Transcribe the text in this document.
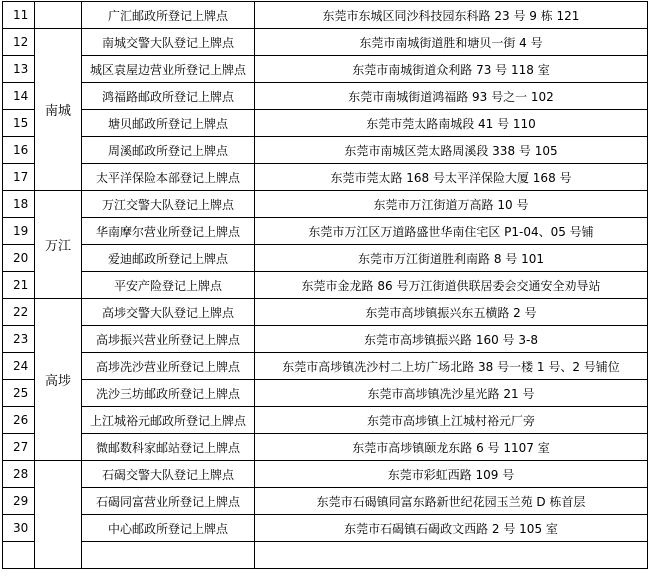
11		广汇邮政所登记上牌点	东莞市东城区同沙科技园东科路 23 号 9 栋 121
12	南城	南城交警大队登记上牌点	东莞市南城街道胜和塘贝一街 4 号
13		城区袁屋边营业所登记上牌点	东莞市南城街道众利路 73 号 118 室
14		鸿福路邮政所登记上牌点	东莞市南城街道鸿福路 93 号之一 102
15		塘贝邮政所登记上牌点	东莞市莞太路南城段 41 号 110
16		周溪邮政所登记上牌点	东莞市南城区莞太路周溪段 338 号 105
17		太平洋保险本部登记上牌点	东莞市莞太路 168 号太平洋保险大厦 168 号
18	万江	万江交警大队登记上牌点	东莞市万江街道万高路 10 号
19		华南摩尔营业所登记上牌点	东莞市万江区万道路盛世华南住宅区 P1-04、05 号铺
20		爱迪邮政所登记上牌点	东莞市万江街道胜利南路 8 号 101
21		平安产险登记上牌点	东莞市金龙路 86 号万江街道供联居委会交通安全劝导站
22	高埗	高埗交警大队登记上牌点	东莞市高埗镇振兴东五横路 2 号
23		高埗振兴营业所登记上牌点	东莞市高埗镇振兴路 160 号 3-8
24		高埗冼沙营业所登记上牌点	东莞市高埗镇冼沙村二上坊广场北路 38 号一楼 1 号、2 号铺位
25		冼沙三坊邮政所登记上牌点	东莞市高埗镇冼沙星光路 21 号
26		上江城裕元邮政所登记上牌点	东莞市高埗镇上江城村裕元厂旁
27		微邮数科家邮站登记上牌点	东莞市高埗镇颐龙东路 6 号 1107 室
28		石碣交警大队登记上牌点	东莞市彩虹西路 109 号
29		石碣同富营业所登记上牌点	东莞市石碣镇同富东路新世纪花园玉兰苑 D 栋首层
30		中心邮政所登记上牌点	东莞市石碣镇石碣政文西路 2 号 105 室
